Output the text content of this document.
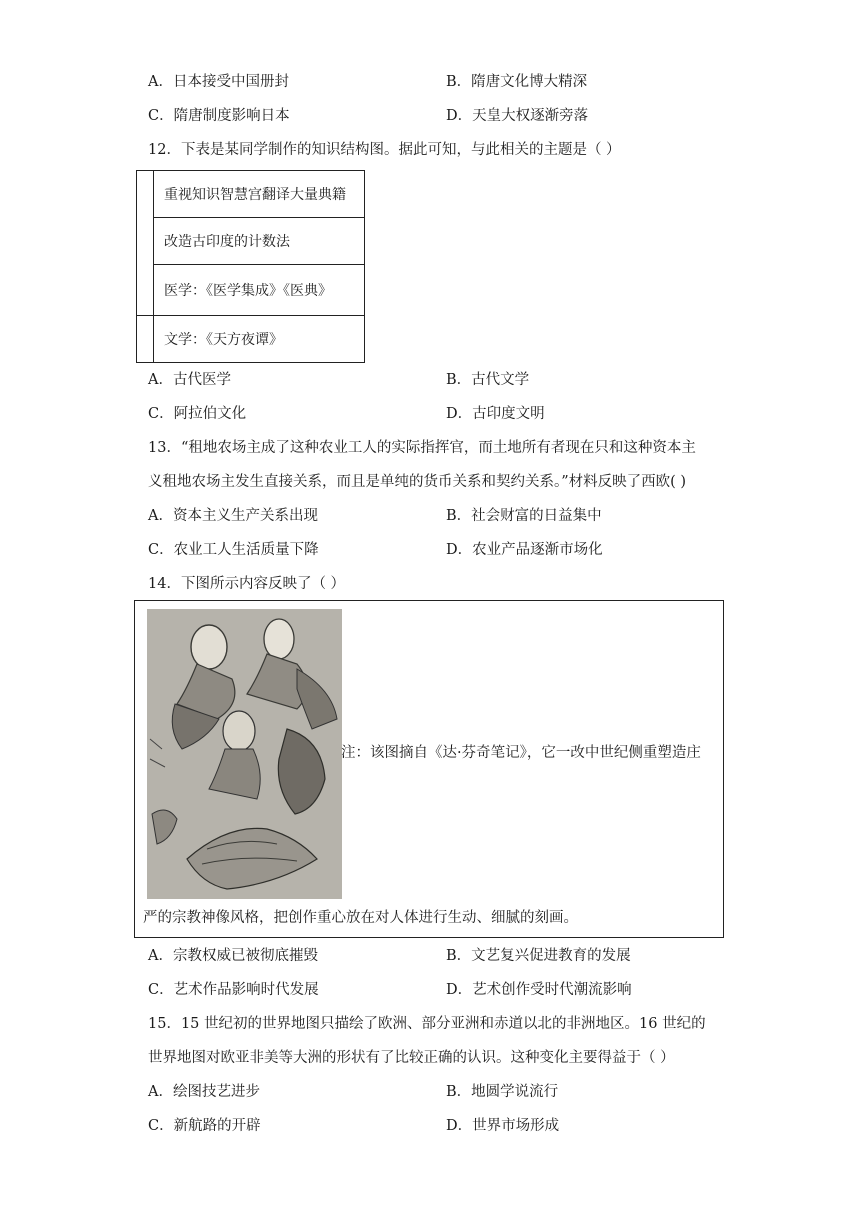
A．日本接受中国册封	B．隋唐文化博大精深
C．隋唐制度影响日本	D．天皇大权逐渐旁落
12．下表是某同学制作的知识结构图。据此可知，与此相关的主题是（ ）
	重视知识智慧宫翻译大量典籍
	改造古印度的计数法
	医学：《医学集成》《医典》
	文学：《天方夜谭》
A．古代医学	B．古代文学
C．阿拉伯文化	D．古印度文明
13．“租地农场主成了这种农业工人的实际指挥官，而土地所有者现在只和这种资本主
义租地农场主发生直接关系，而且是单纯的货币关系和契约关系。”材料反映了西欧( )
A．资本主义生产关系出现	B．社会财富的日益集中
C．农业工人生活质量下降	D．农业产品逐渐市场化
14．下图所示内容反映了（ ）
注：该图摘自《达·芬奇笔记》，它一改中世纪侧重塑造庄
严的宗教神像风格，把创作重心放在对人体进行生动、细腻的刻画。
A．宗教权威已被彻底摧毁	B．文艺复兴促进教育的发展
C．艺术作品影响时代发展	D．艺术创作受时代潮流影响
15．15 世纪初的世界地图只描绘了欧洲、部分亚洲和赤道以北的非洲地区。16 世纪的
世界地图对欧亚非美等大洲的形状有了比较正确的认识。这种变化主要得益于（ ）
A．绘图技艺进步	B．地圆学说流行
C．新航路的开辟	D．世界市场形成
